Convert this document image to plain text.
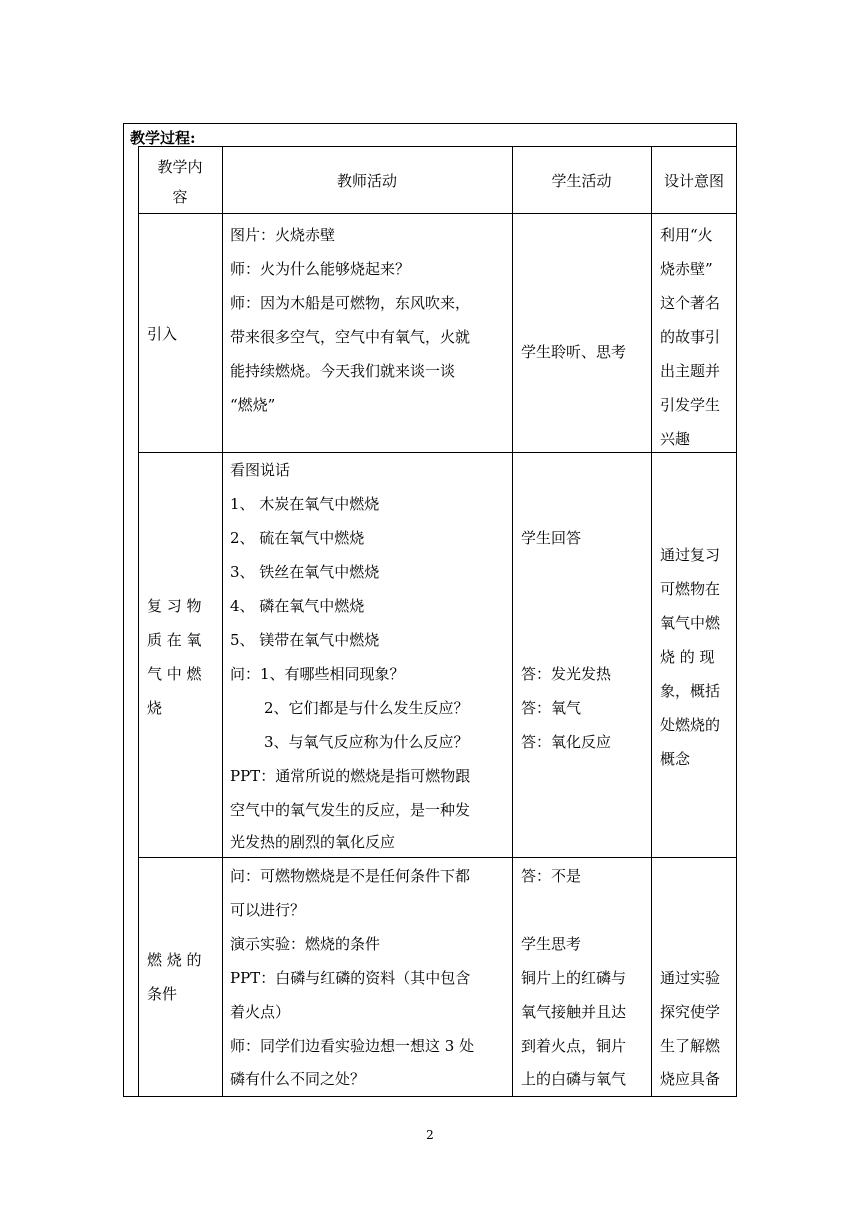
教学过程:
教学内
容
教师活动	学生活动	设计意图
引入
图片：火烧赤壁
师：火为什么能够烧起来？
师：因为木船是可燃物，东风吹来，
带来很多空气，空气中有氧气，火就
能持续燃烧。今天我们就来谈一谈
“燃烧”
学生聆听、思考
利用“火
烧赤壁”
这个著名
的故事引
出主题并
引发学生
兴趣
复 习 物
质 在 氧
气 中 燃
烧
看图说话
1、 木炭在氧气中燃烧
2、 硫在氧气中燃烧
3、 铁丝在氧气中燃烧
4、 磷在氧气中燃烧
5、 镁带在氧气中燃烧
问：1、有哪些相同现象？
2、它们都是与什么发生反应？
3、与氧气反应称为什么反应？
PPT：通常所说的燃烧是指可燃物跟
空气中的氧气发生的反应，是一种发
光发热的剧烈的氧化反应
学生回答
答：发光发热
答：氧气
答：氧化反应
通过复习
可燃物在
氧气中燃
烧 的 现
象，概括
处燃烧的
概念
燃 烧 的
条件
问：可燃物燃烧是不是任何条件下都
可以进行？
演示实验：燃烧的条件
PPT：白磷与红磷的资料（其中包含
着火点）
师：同学们边看实验边想一想这 3 处
磷有什么不同之处？
答：不是
学生思考
铜片上的红磷与
氧气接触并且达
到着火点，铜片
上的白磷与氧气
通过实验
探究使学
生了解燃
烧应具备
2
